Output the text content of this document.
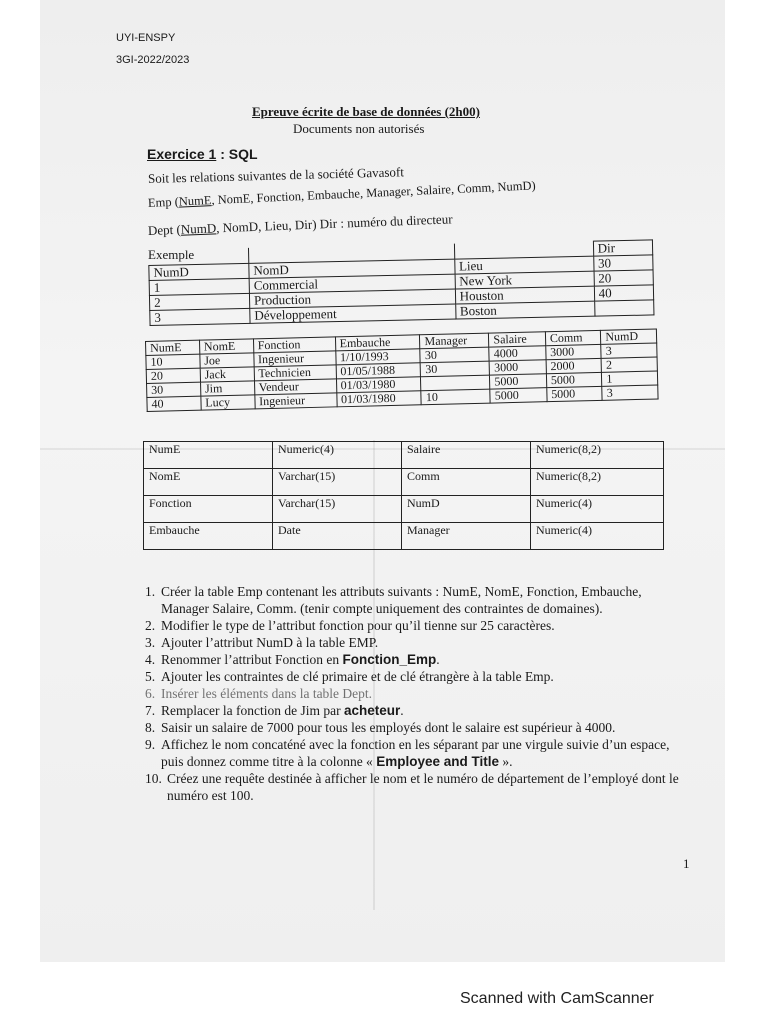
UYI-ENSPY
3GI-2022/2023
Epreuve écrite de base de données (2h00)
Documents non autorisés
Exercice 1 : SQL
Soit les relations suivantes de la société Gavasoft
Emp (NumE, NomE, Fonction, Embauche, Manager, Salaire, Comm, NumD)
Dept (NumD, NomD, Lieu, Dir) Dir : numéro du directeur
Exemple
				Dir
NumD	NomD	Lieu	30
1	Commercial	New York	20
2	Production	Houston	40
3	Développement	Boston	
NumE	NomE	Fonction	Embauche	Manager	Salaire	Comm	NumD
10	Joe	Ingenieur	1/10/1993	30	4000	3000	3
20	Jack	Technicien	01/05/1988	30	3000	2000	2
30	Jim	Vendeur	01/03/1980		5000	5000	1
40	Lucy	Ingenieur	01/03/1980	10	5000	5000	3
NumE	Numeric(4)	Salaire	Numeric(8,2)
NomE	Varchar(15)	Comm	Numeric(8,2)
Fonction	Varchar(15)	NumD	Numeric(4)
Embauche	Date	Manager	Numeric(4)
1. Créer la table Emp contenant les attributs suivants : NumE, NomE, Fonction, Embauche, Manager Salaire, Comm. (tenir compte uniquement des contraintes de domaines).
2. Modifier le type de l’attribut fonction pour qu’il tienne sur 25 caractères.
3. Ajouter l’attribut NumD à la table EMP.
4. Renommer l’attribut Fonction en Fonction_Emp.
5. Ajouter les contraintes de clé primaire et de clé étrangère à la table Emp.
6. Insérer les éléments dans la table Dept.
7. Remplacer la fonction de Jim par acheteur.
8. Saisir un salaire de 7000 pour tous les employés dont le salaire est supérieur à 4000.
9. Affichez le nom concaténé avec la fonction en les séparant par une virgule suivie d’un espace, puis donnez comme titre à la colonne « Employee and Title ».
10. Créez une requête destinée à afficher le nom et le numéro de département de l’employé dont le numéro est 100.
1
Scanned with CamScanner
